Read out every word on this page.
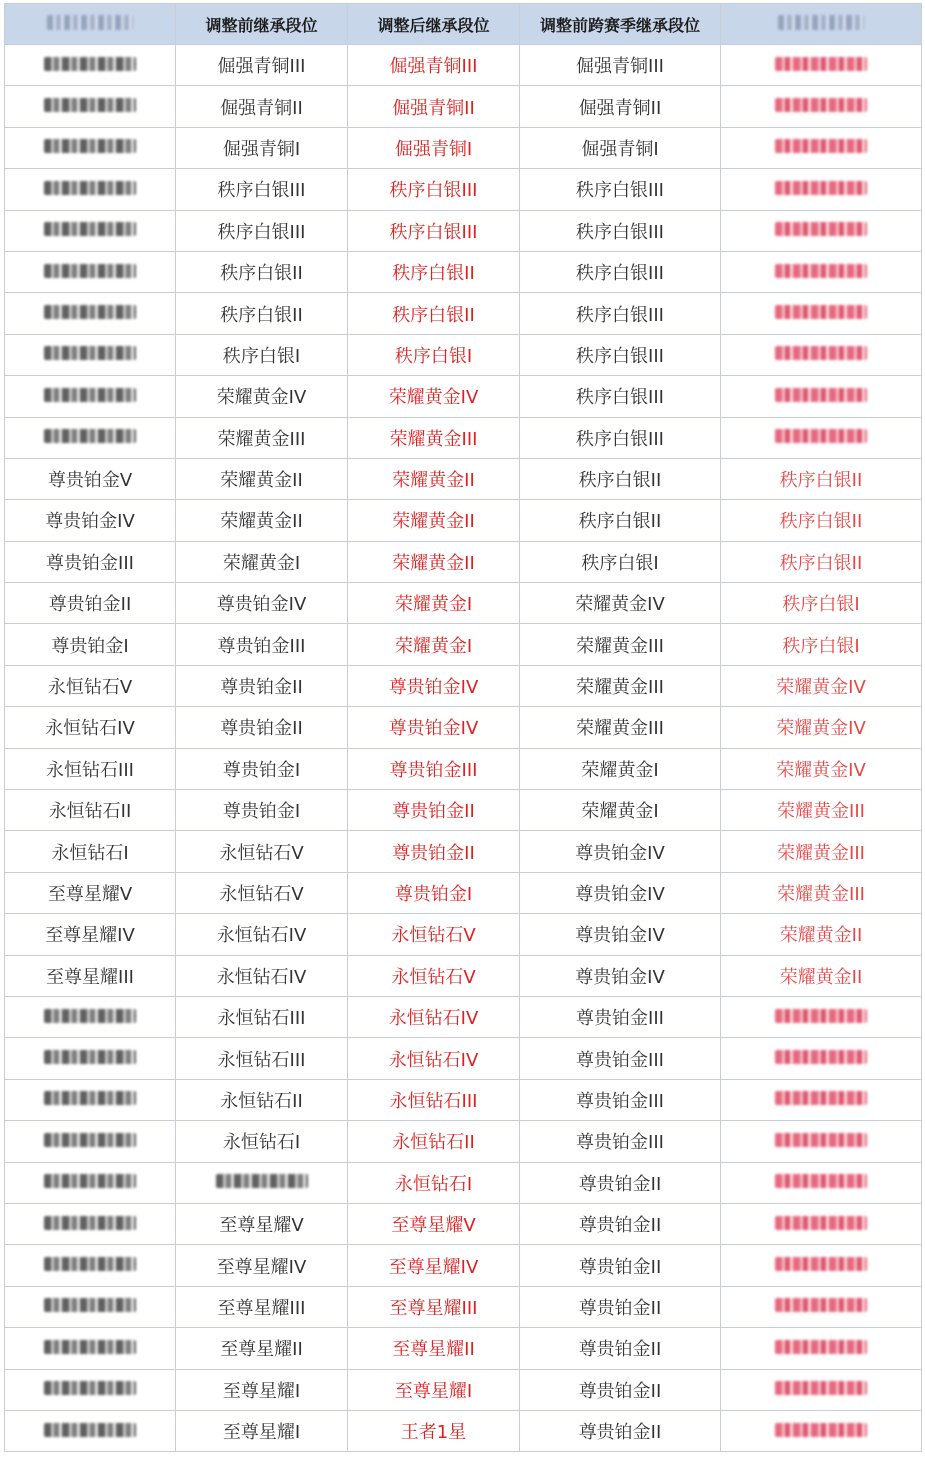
	调整前继承段位	调整后继承段位	调整前跨赛季继承段位	
	倔强青铜III	倔强青铜III	倔强青铜III	
	倔强青铜II	倔强青铜II	倔强青铜II	
	倔强青铜I	倔强青铜I	倔强青铜I	
	秩序白银III	秩序白银III	秩序白银III	
	秩序白银III	秩序白银III	秩序白银III	
	秩序白银II	秩序白银II	秩序白银III	
	秩序白银II	秩序白银II	秩序白银III	
	秩序白银I	秩序白银I	秩序白银III	
	荣耀黄金IV	荣耀黄金IV	秩序白银III	
	荣耀黄金III	荣耀黄金III	秩序白银III	
尊贵铂金V	荣耀黄金II	荣耀黄金II	秩序白银II	秩序白银II
尊贵铂金IV	荣耀黄金II	荣耀黄金II	秩序白银II	秩序白银II
尊贵铂金III	荣耀黄金I	荣耀黄金II	秩序白银I	秩序白银II
尊贵铂金II	尊贵铂金IV	荣耀黄金I	荣耀黄金IV	秩序白银I
尊贵铂金I	尊贵铂金III	荣耀黄金I	荣耀黄金III	秩序白银I
永恒钻石V	尊贵铂金II	尊贵铂金IV	荣耀黄金III	荣耀黄金IV
永恒钻石IV	尊贵铂金II	尊贵铂金IV	荣耀黄金III	荣耀黄金IV
永恒钻石III	尊贵铂金I	尊贵铂金III	荣耀黄金I	荣耀黄金IV
永恒钻石II	尊贵铂金I	尊贵铂金II	荣耀黄金I	荣耀黄金III
永恒钻石I	永恒钻石V	尊贵铂金II	尊贵铂金IV	荣耀黄金III
至尊星耀V	永恒钻石V	尊贵铂金I	尊贵铂金IV	荣耀黄金III
至尊星耀IV	永恒钻石IV	永恒钻石V	尊贵铂金IV	荣耀黄金II
至尊星耀III	永恒钻石IV	永恒钻石V	尊贵铂金IV	荣耀黄金II
	永恒钻石III	永恒钻石IV	尊贵铂金III	
	永恒钻石III	永恒钻石IV	尊贵铂金III	
	永恒钻石II	永恒钻石III	尊贵铂金III	
	永恒钻石I	永恒钻石II	尊贵铂金III	
		永恒钻石I	尊贵铂金II	
	至尊星耀V	至尊星耀V	尊贵铂金II	
	至尊星耀IV	至尊星耀IV	尊贵铂金II	
	至尊星耀III	至尊星耀III	尊贵铂金II	
	至尊星耀II	至尊星耀II	尊贵铂金II	
	至尊星耀I	至尊星耀I	尊贵铂金II	
	至尊星耀I	王者1星	尊贵铂金II	
